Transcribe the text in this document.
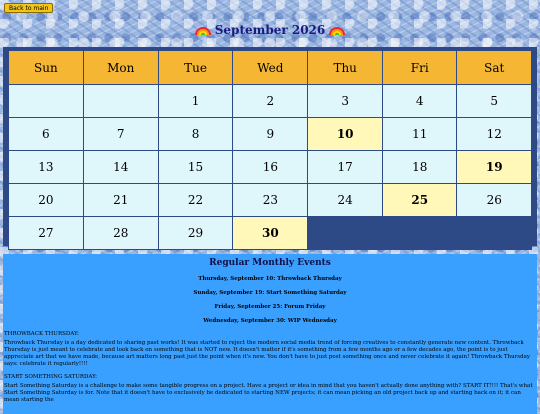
Back to main
September 2026
Sun	Mon	Tue	Wed	Thu	Fri	Sat
		1	2	3	4	5
6	7	8	9	10	11	12
13	14	15	16	17	18	19
20	21	22	23	24	25	26
27	28	29	30			
Regular Monthly Events
Thursday, September 10: Throwback Thursday
Sunday, September 19: Start Something Saturday
Friday, September 25: Forum Friday
Wednesday, September 30: WIP Wednesday

THROWBACK THURSDAY:

Throwback Thursday is a day dedicated to sharing past works! It was started to reject the modern social media trend of forcing creatives to constantly generate new content. Throwback Thursday is just meant to celebrate and look back on something that is NOT new. It doesn't matter if it's something from a few months ago or a few decades ago, the point is to just appreciate art that we have made, because art matters long past just the point when it's new. You don't have to just post something once and never celebrate it again! Throwback Thursday says: celebrate it regularly!!!!

START SOMETHING SATURDAY:

Start Something Saturday is a challenge to make some tangible progress on a project. Have a project or idea in mind that you haven't actually done anything with? START IT!!!! That's what Start Something Saturday is for. Note that it doesn't have to exclusively be dedicated to starting NEW projects; it can mean picking an old project back up and starting back on it; it can mean starting the
